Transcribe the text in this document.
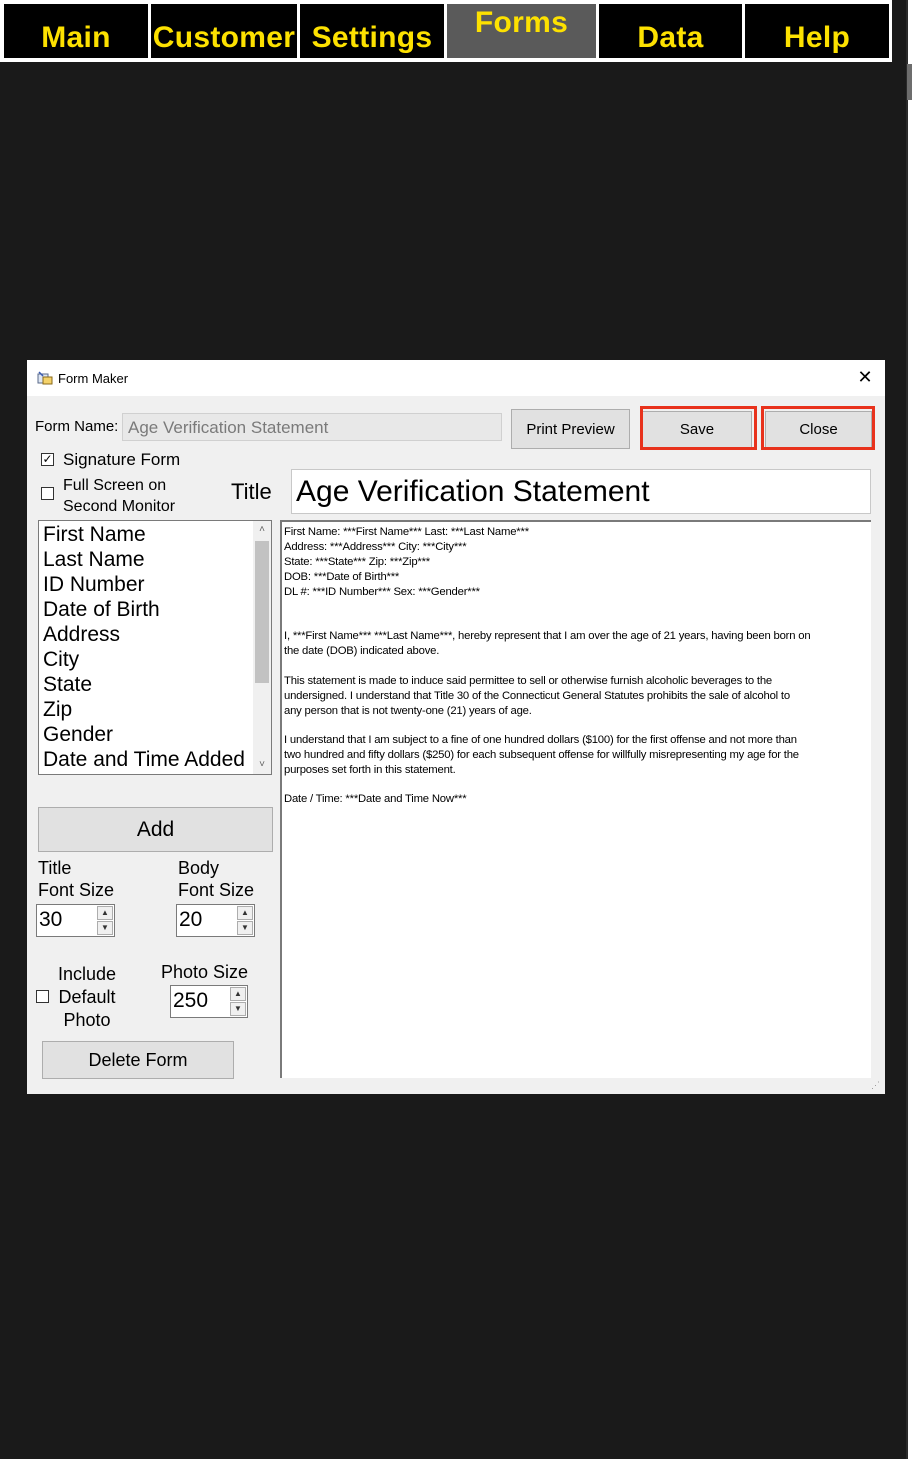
Main Customer Settings Forms Data	Help
Form Maker	✕
Form Name: Age Verification Statement	Print Preview	Save	Close
✓ Signature Form
Full Screen on
Second Monitor
Title Age Verification Statement
First Name
Last Name
ID Number
Date of Birth
Address
City
State
Zip
Gender
Date and Time Added
˄
˅
Add
Title
Font Size
30	▲
▼
Body
Font Size
20	▲
▼
Include
Default
Photo
Photo Size
250	▲
▼
Delete Form
First Name: ***First Name*** Last: ***Last Name***
Address: ***Address*** City: ***City***
State: ***State*** Zip: ***Zip***
DOB: ***Date of Birth***
DL #: ***ID Number*** Sex: ***Gender***
I, ***First Name*** ***Last Name***, hereby represent that I am over the age of 21 years, having been born on
the date (DOB) indicated above.
This statement is made to induce said permittee to sell or otherwise furnish alcoholic beverages to the
undersigned. I understand that Title 30 of the Connecticut General Statutes prohibits the sale of alcohol to
any person that is not twenty-one (21) years of age.
I understand that I am subject to a fine of one hundred dollars ($100) for the first offense and not more than
two hundred and fifty dollars ($250) for each subsequent offense for willfully misrepresenting my age for the
purposes set forth in this statement.
Date / Time: ***Date and Time Now***
⋰
